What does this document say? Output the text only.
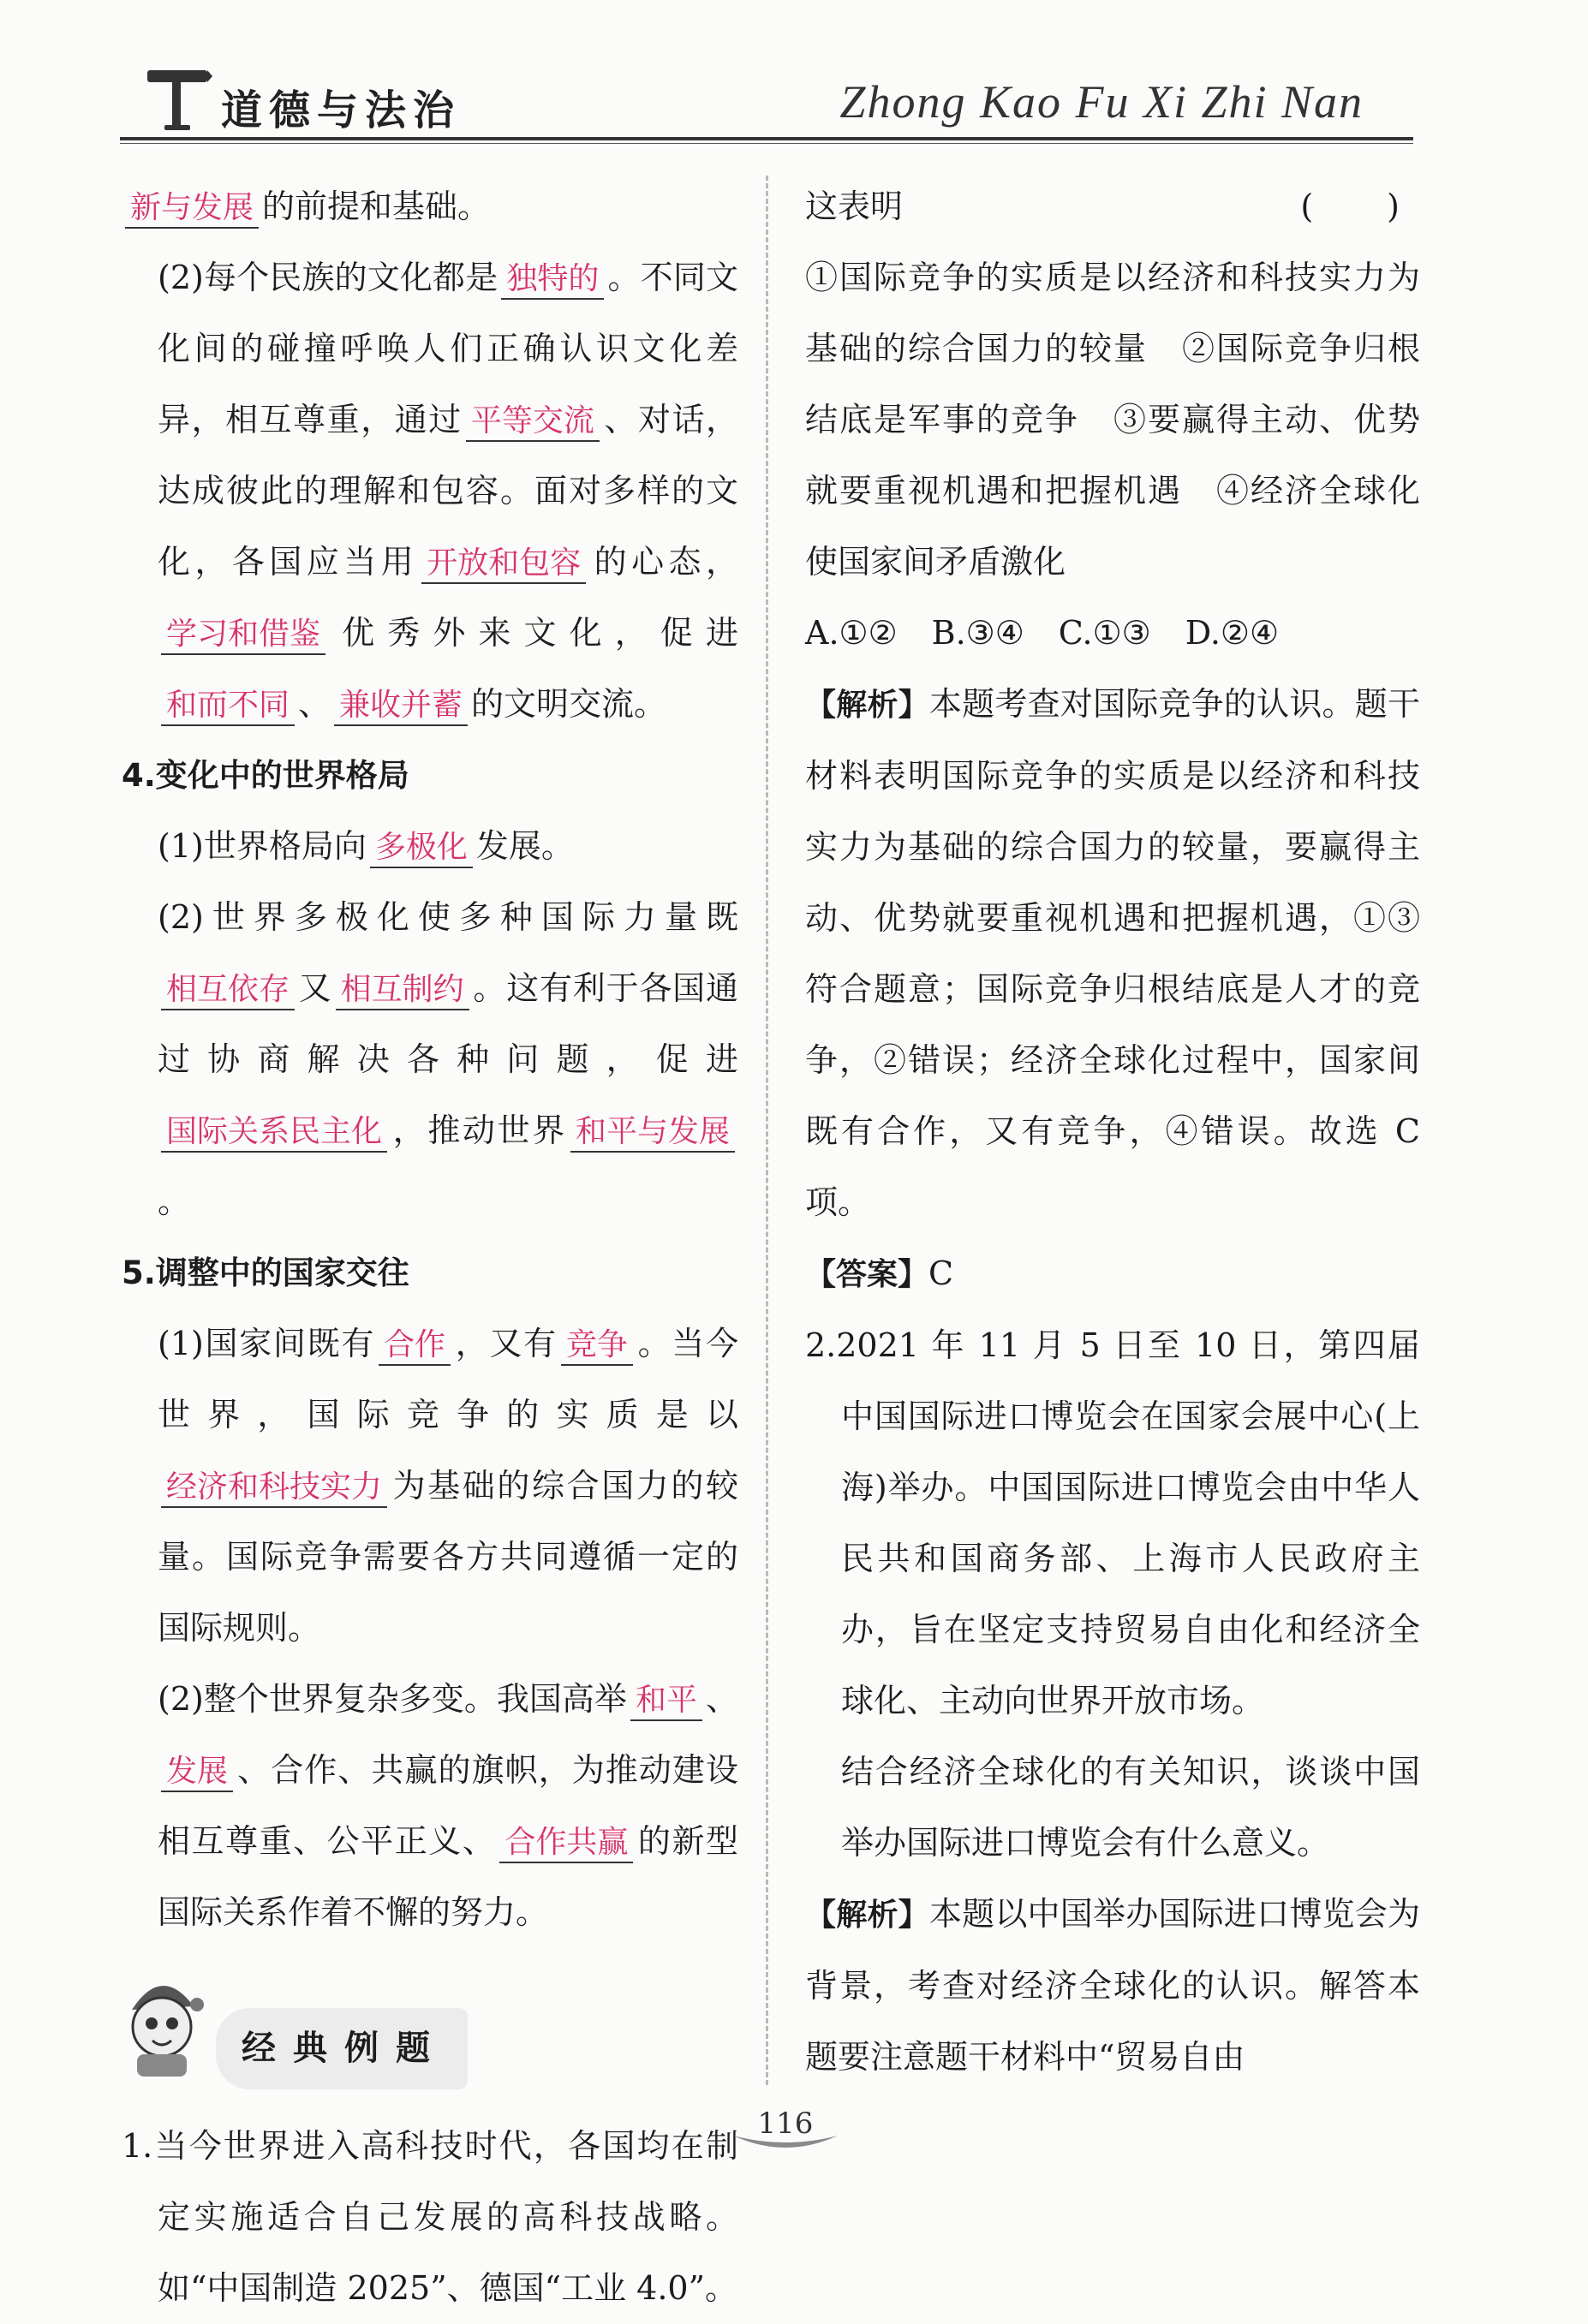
道德与法治	Zhong Kao Fu Xi Zhi Nan

新与发展 的前提和基础。

(2)每个民族的文化都是 独特的 。不同文化间的碰撞呼唤人们正确认识文化差异，相互尊重，通过 平等交流 、对话，达成彼此的理解和包容。面对多样的文化，各国应当用 开放和包容 的心态，学习和借鉴 优秀外来文化，促进和而不同 、 兼收并蓄 的文明交流。

4.变化中的世界格局

(1)世界格局向 多极化 发展。

(2)世界多极化使多种国际力量既相互依存 又 相互制约 。这有利于各国通过协商解决各种问题，促进国际关系民主化 ，推动世界 和平与发展。

5.调整中的国家交往

(1)国家间既有 合作 ，又有 竞争 。当今世界，国际竞争的实质是以经济和科技实力 为基础的综合国力的较量。国际竞争需要各方共同遵循一定的国际规则。

(2)整个世界复杂多变。我国高举 和平 、发展 、合作、共赢的旗帜，为推动建设相互尊重、公平正义、 合作共赢 的新型国际关系作着不懈的努力。

经典例题

1.当今世界进入高科技时代，各国均在制定实施适合自己发展的高科技战略。如“中国制造 2025”、德国“工业 4.0”。

这表明	(　)

①国际竞争的实质是以经济和科技实力为基础的综合国力的较量　②国际竞争归根结底是军事的竞争　③要赢得主动、优势就要重视机遇和把握机遇　④经济全球化使国家间矛盾激化

A.①② B.③④ C.①③ D.②④

【解析】本题考查对国际竞争的认识。题干材料表明国际竞争的实质是以经济和科技实力为基础的综合国力的较量，要赢得主动、优势就要重视机遇和把握机遇，①③符合题意；国际竞争归根结底是人才的竞争，②错误；经济全球化过程中，国家间既有合作，又有竞争，④错误。故选 C 项。

【答案】C

2.2021 年 11 月 5 日至 10 日，第四届中国国际进口博览会在国家会展中心(上海)举办。中国国际进口博览会由中华人民共和国商务部、上海市人民政府主办，旨在坚定支持贸易自由化和经济全球化、主动向世界开放市场。

结合经济全球化的有关知识，谈谈中国举办国际进口博览会有什么意义。

【解析】本题以中国举办国际进口博览会为背景，考查对经济全球化的认识。解答本题要注意题干材料中“贸易自由

116
